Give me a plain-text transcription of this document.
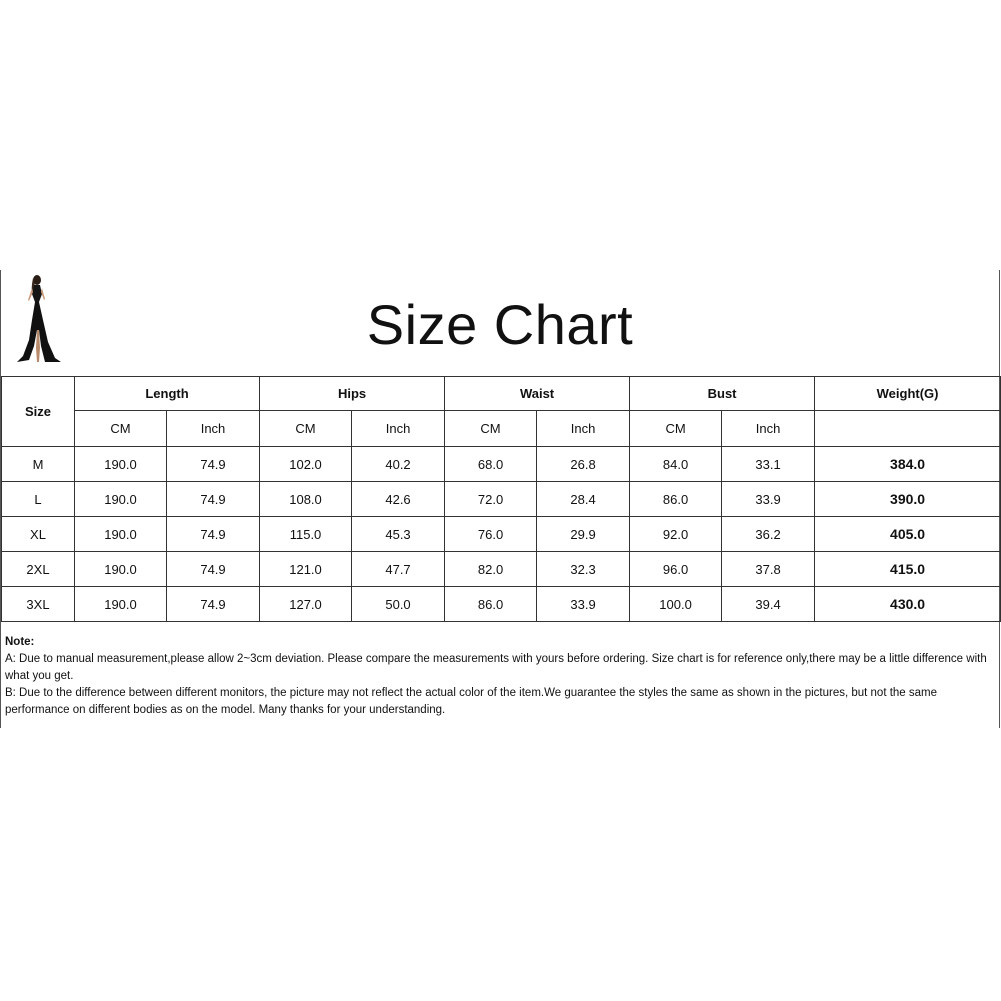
Size Chart
Size	Length		Hips		Waist		Bust		Weight(G)
	CM	Inch	CM	Inch	CM	Inch	CM	Inch	
M	190.0	74.9	102.0	40.2	68.0	26.8	84.0	33.1	384.0
L	190.0	74.9	108.0	42.6	72.0	28.4	86.0	33.9	390.0
XL	190.0	74.9	115.0	45.3	76.0	29.9	92.0	36.2	405.0
2XL	190.0	74.9	121.0	47.7	82.0	32.3	96.0	37.8	415.0
3XL	190.0	74.9	127.0	50.0	86.0	33.9	100.0	39.4	430.0
Note:

A: Due to manual measurement,please allow 2~3cm deviation. Please compare the measurements with yours before ordering. Size chart is for reference only,there may be a little difference with what you get.

B: Due to the difference between different monitors, the picture may not reflect the actual color of the item.We guarantee the styles the same as shown in the pictures, but not the same performance on different bodies as on the model. Many thanks for your understanding.
